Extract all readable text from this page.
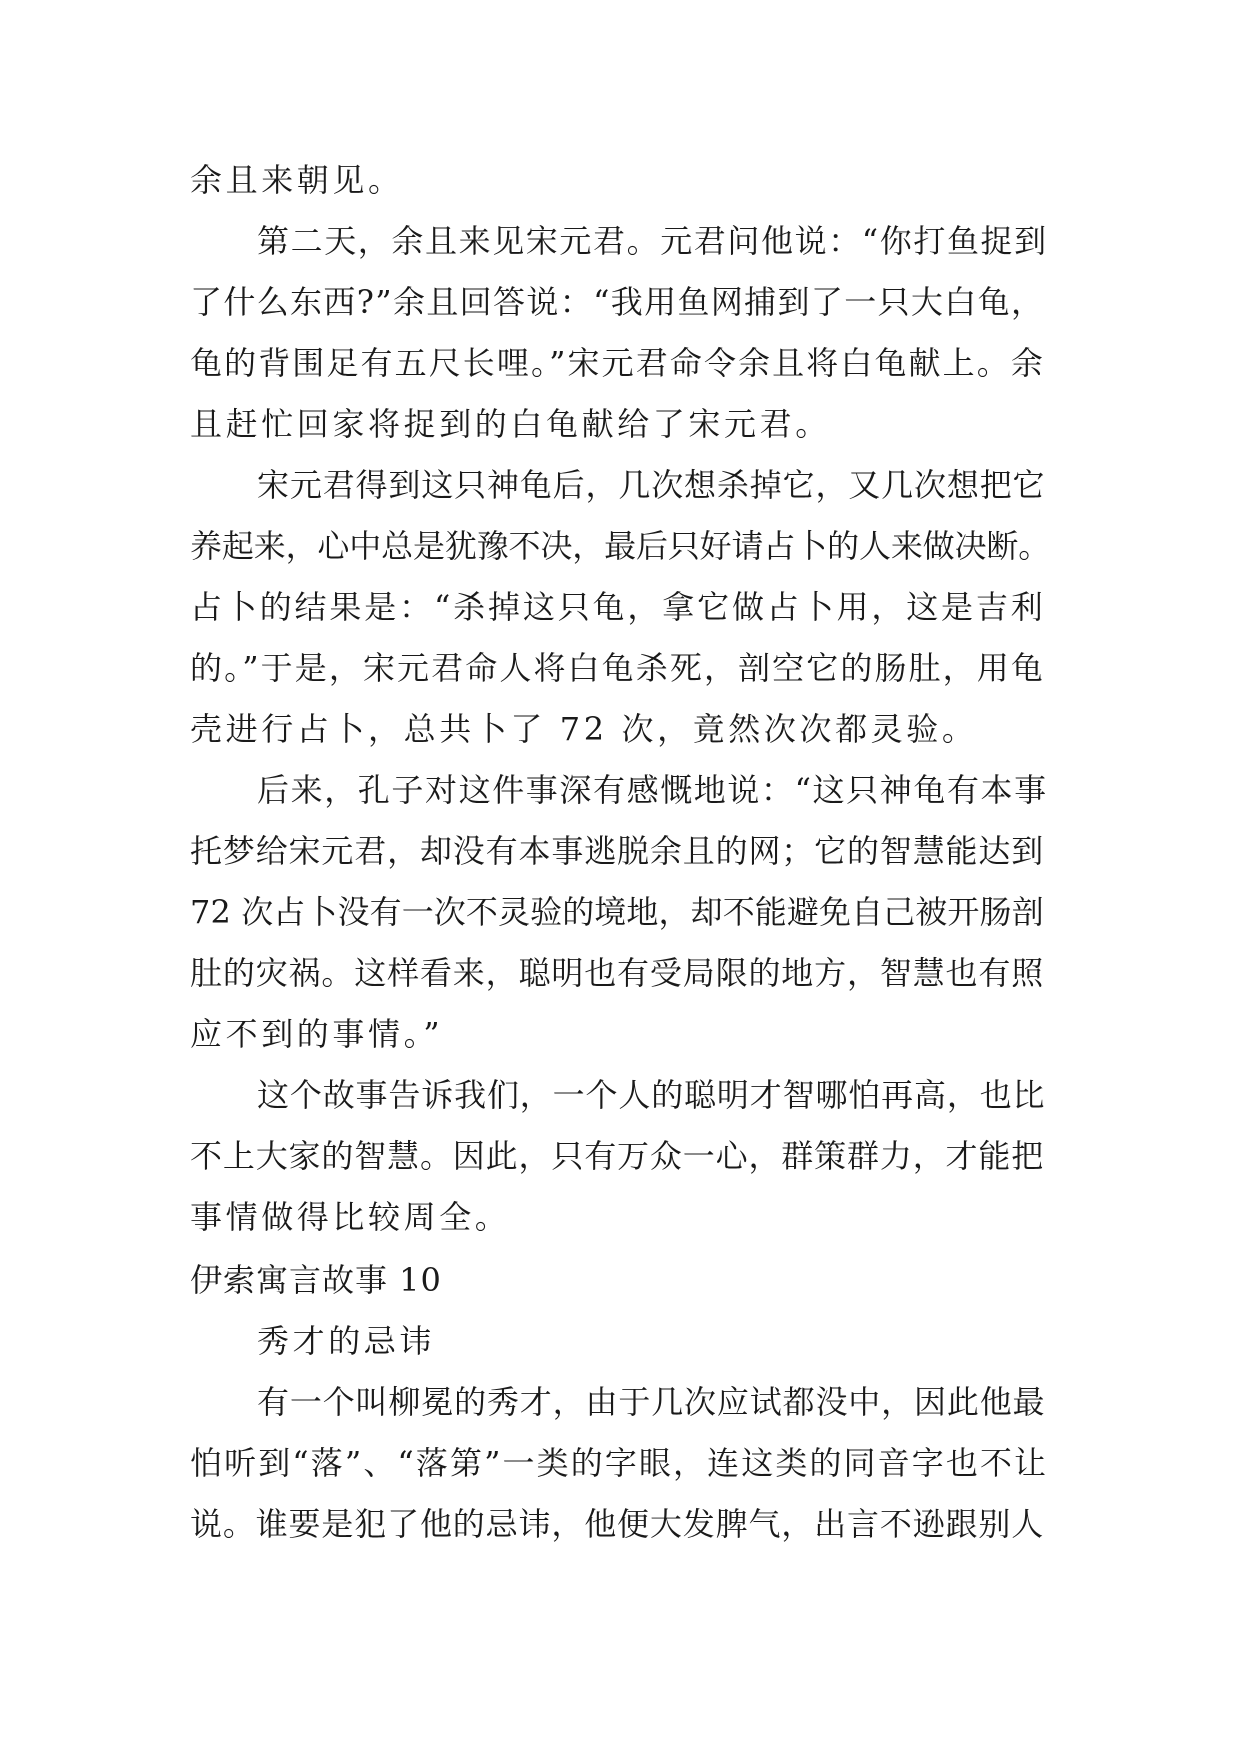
余且来朝见。
第二天，余且来见宋元君。元君问他说：“你打鱼捉到
了什么东西?”余且回答说：“我用鱼网捕到了一只大白龟，
龟的背围足有五尺长哩。”宋元君命令余且将白龟献上。余
且赶忙回家将捉到的白龟献给了宋元君。
宋元君得到这只神龟后，几次想杀掉它，又几次想把它
养起来，心中总是犹豫不决，最后只好请占卜的人来做决断。
占卜的结果是：“杀掉这只龟，拿它做占卜用，这是吉利
的。”于是，宋元君命人将白龟杀死，剖空它的肠肚，用龟
壳进行占卜，总共卜了 72 次，竟然次次都灵验。
后来，孔子对这件事深有感慨地说：“这只神龟有本事
托梦给宋元君，却没有本事逃脱余且的网；它的智慧能达到
72 次占卜没有一次不灵验的境地，却不能避免自己被开肠剖
肚的灾祸。这样看来，聪明也有受局限的地方，智慧也有照
应不到的事情。”
这个故事告诉我们，一个人的聪明才智哪怕再高，也比
不上大家的智慧。因此，只有万众一心，群策群力，才能把
事情做得比较周全。
伊索寓言故事 10
秀才的忌讳
有一个叫柳冕的秀才，由于几次应试都没中，因此他最
怕听到“落”、“落第”一类的字眼，连这类的同音字也不让
说。谁要是犯了他的忌讳，他便大发脾气，出言不逊跟别人
